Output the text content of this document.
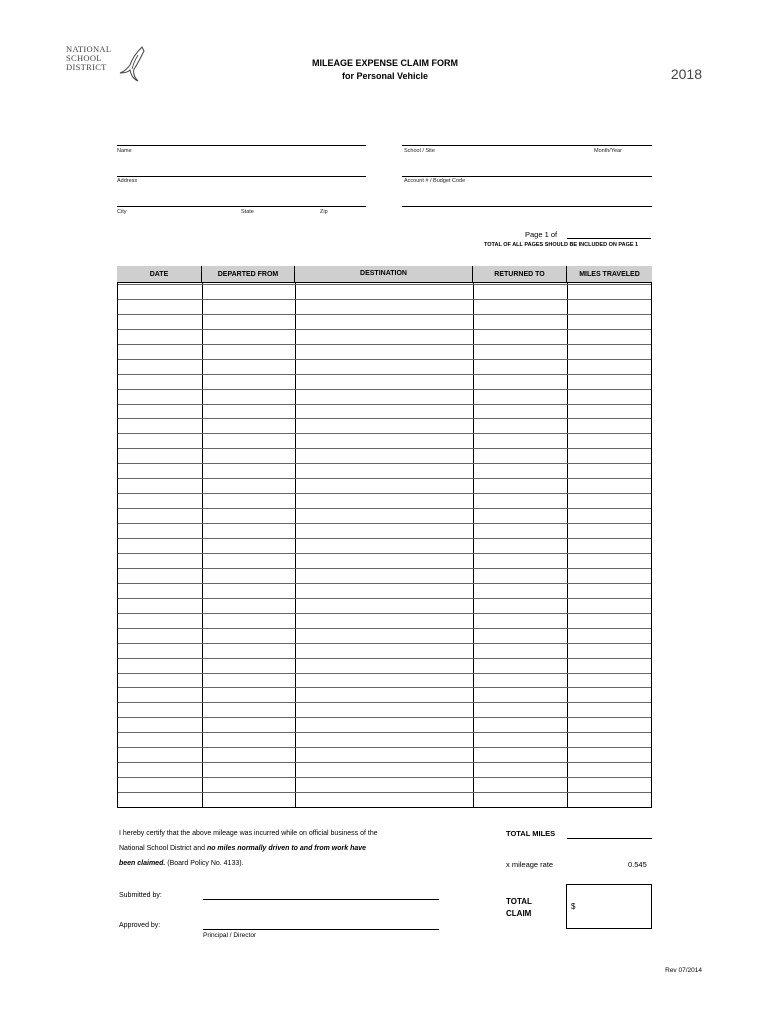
NATIONAL
SCHOOL
DISTRICT	MILEAGE EXPENSE CLAIM FORM
for Personal Vehicle	2018
Name	School / Site	Month/Year
Address	Account # / Budget Code
City	State	Zip
Page 1 of
TOTAL OF ALL PAGES SHOULD BE INCLUDED ON PAGE 1
DATE	DEPARTED FROM	DESTINATION	RETURNED TO	MILES TRAVELED
I hereby certify that the above mileage was incurred while on official business of the
National School District and no miles normally driven to and from work have
been claimed. (Board Policy No. 4133).
TOTAL MILES
x mileage rate	0.545
TOTAL
CLAIM
$
Submitted by:
Approved by:
Principal / Director
Rev 07/2014
